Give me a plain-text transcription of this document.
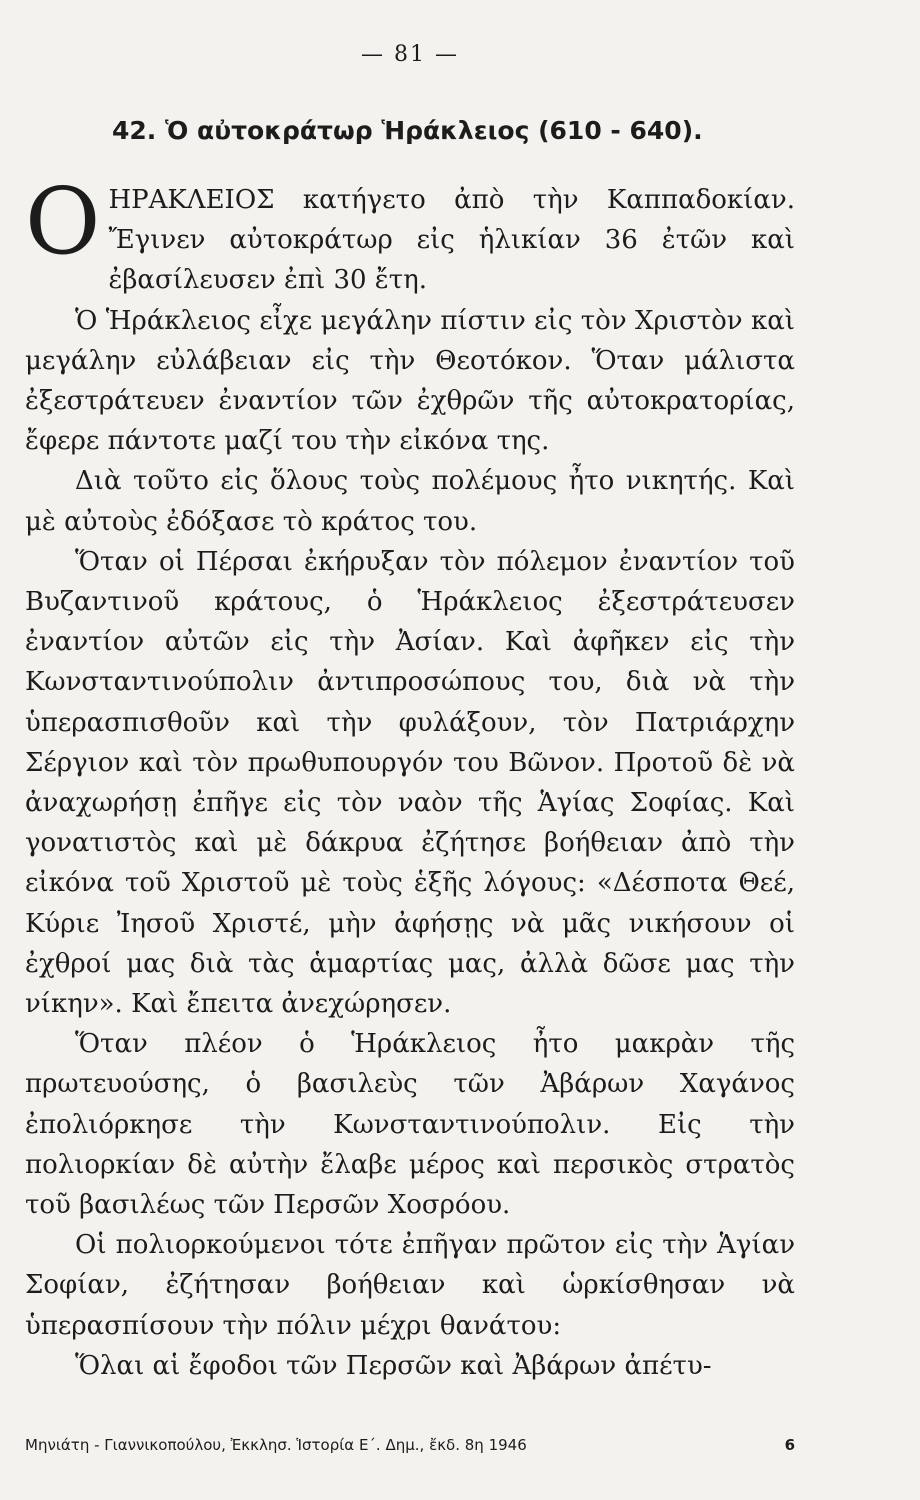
— 81 —
42. Ὁ αὐτοκράτωρ Ἡράκλειος (610 - 640).

ΟΗΡΑΚΛΕΙΟΣ κατήγετο ἀπὸ τὴν Καππαδοκίαν. Ἔγινεν αὐτοκράτωρ εἰς ἡλικίαν 36 ἐτῶν καὶ ἐβασίλευσεν ἐπὶ 30 ἔτη.

Ὁ Ἡράκλειος εἶχε μεγάλην πίστιν εἰς τὸν Χριστὸν καὶ μεγάλην εὐλάβειαν εἰς τὴν Θεοτόκον. Ὅταν μάλιστα ἐξεστράτευεν ἐναντίον τῶν ἐχθρῶν τῆς αὐτοκρατορίας, ἔφερε πάντοτε μαζί του τὴν εἰκόνα της.

Διὰ τοῦτο εἰς ὅλους τοὺς πολέμους ἦτο νικητής. Καὶ μὲ αὐτοὺς ἐδόξασε τὸ κράτος του.

Ὅταν οἱ Πέρσαι ἐκήρυξαν τὸν πόλεμον ἐναντίον τοῦ Βυζαντινοῦ κράτους, ὁ Ἡράκλειος ἐξεστράτευσεν ἐναντίον αὐτῶν εἰς τὴν Ἀσίαν. Καὶ ἀφῆκεν εἰς τὴν Κωνσταντινούπολιν ἀντιπροσώπους του, διὰ νὰ τὴν ὑπερασπισθοῦν καὶ τὴν φυλάξουν, τὸν Πατριάρχην Σέργιον καὶ τὸν πρωθυπουργόν του Βῶνον. Προτοῦ δὲ νὰ ἀναχωρήσῃ ἐπῆγε εἰς τὸν ναὸν τῆς Ἁγίας Σοφίας. Καὶ γονατιστὸς καὶ μὲ δάκρυα ἐζήτησε βοήθειαν ἀπὸ τὴν εἰκόνα τοῦ Χριστοῦ μὲ τοὺς ἑξῆς λόγους: «Δέσποτα Θεέ, Κύριε Ἰησοῦ Χριστέ, μὴν ἀφήσῃς νὰ μᾶς νικήσουν οἱ ἐχθροί μας διὰ τὰς ἁμαρτίας μας, ἀλλὰ δῶσε μας τὴν νίκην». Καὶ ἔπειτα ἀνεχώρησεν.

Ὅταν πλέον ὁ Ἡράκλειος ἦτο μακρὰν τῆς πρωτευούσης, ὁ βασιλεὺς τῶν Ἀβάρων Χαγάνος ἐπολιόρκησε τὴν Κωνσταντινούπολιν. Εἰς τὴν πολιορκίαν δὲ αὐτὴν ἔλαβε μέρος καὶ περσικὸς στρατὸς τοῦ βασιλέως τῶν Περσῶν Χοσρόου.

Οἱ πολιορκούμενοι τότε ἐπῆγαν πρῶτον εἰς τὴν Ἁγίαν Σοφίαν, ἐζήτησαν βοήθειαν καὶ ὡρκίσθησαν νὰ ὑπερασπίσουν τὴν πόλιν μέχρι θανάτου:

Ὅλαι αἱ ἔφοδοι τῶν Περσῶν καὶ Ἀβάρων ἀπέτυ-

Μηνιάτη - Γιαννικοπούλου, Ἐκκλησ. Ἱστορία Ε΄. Δημ., ἔκδ. 8η 1946	6
